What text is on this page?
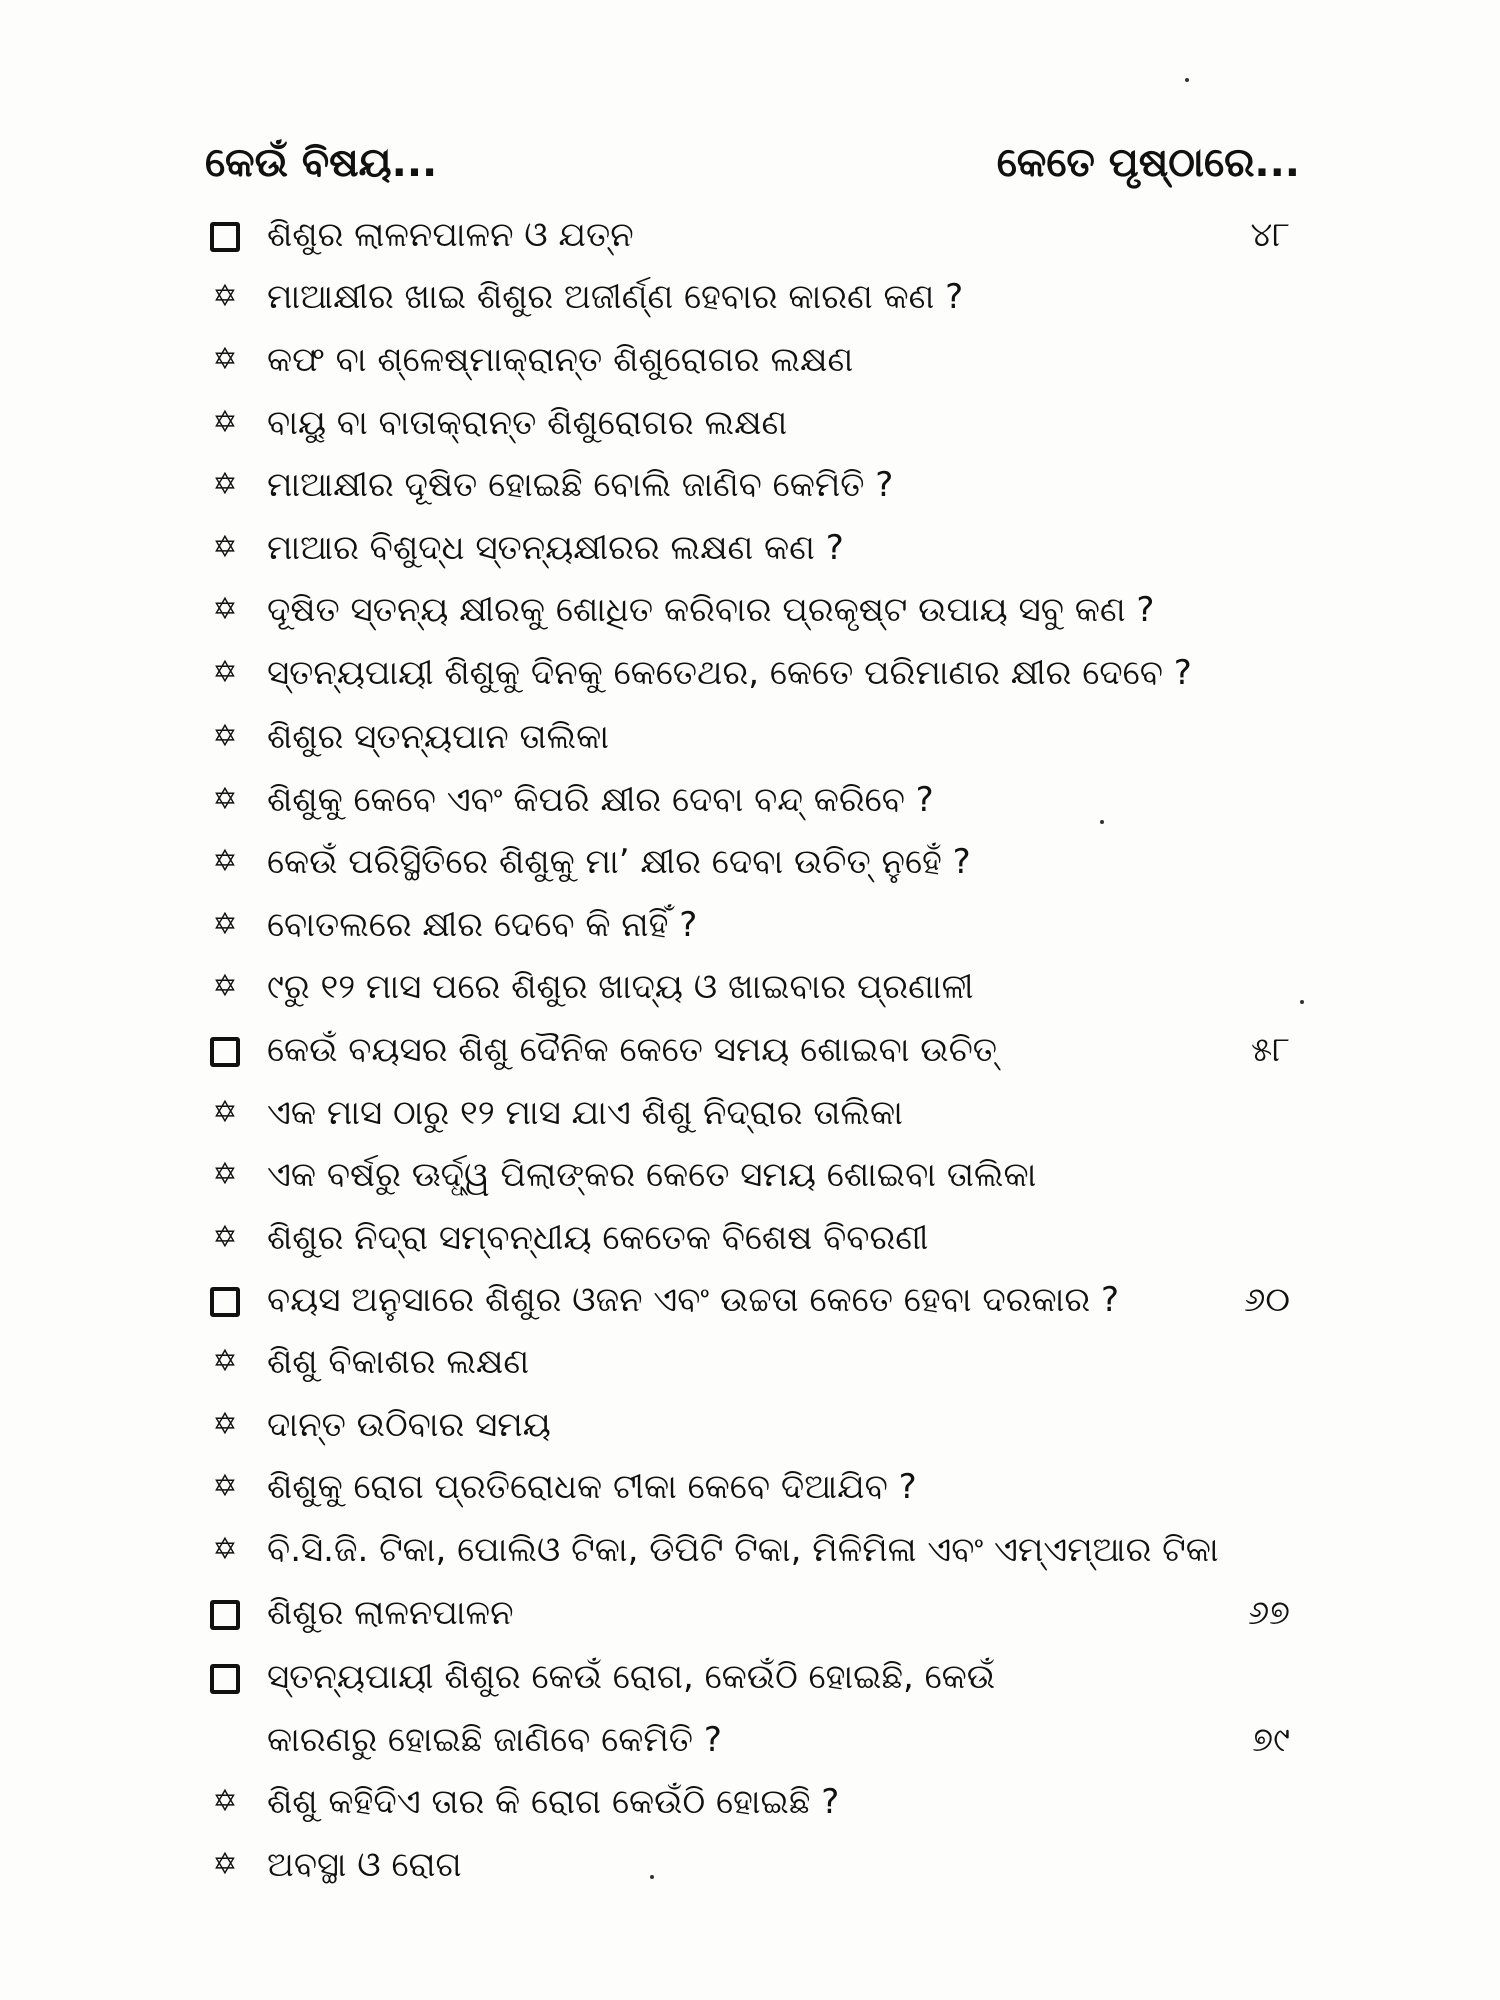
କେଉଁ ବିଷୟ...	କେତେ ପୃଷ୍ଠାରେ...
ଶିଶୁର ଲାଳନପାଳନ ଓ ଯତ୍ନ	୪୮
✡ ମାଆକ୍ଷୀର ଖାଇ ଶିଶୁର ଅଜୀର୍ଣ୍ଣ ହେବାର କାରଣ କଣ ?
✡ କଫ ବା ଶ୍ଳେଷ୍ମାକ୍ରାନ୍ତ ଶିଶୁରୋଗର ଲକ୍ଷଣ
✡ ବାୟୁ ବା ବାତାକ୍ରାନ୍ତ ଶିଶୁରୋଗର ଲକ୍ଷଣ
✡ ମାଆକ୍ଷୀର ଦୂଷିତ ହୋଇଛି ବୋଲି ଜାଣିବ କେମିତି ?
✡ ମାଆର ବିଶୁଦ୍ଧ ସ୍ତନ୍ୟକ୍ଷୀରର ଲକ୍ଷଣ କଣ ?
✡ ଦୂଷିତ ସ୍ତନ୍ୟ କ୍ଷୀରକୁ ଶୋଧିତ କରିବାର ପ୍ରକୃଷ୍ଟ ଉପାୟ ସବୁ କଣ ?
✡ ସ୍ତନ୍ୟପାୟୀ ଶିଶୁକୁ ଦିନକୁ କେତେଥର, କେତେ ପରିମାଣର କ୍ଷୀର ଦେବେ ?
✡ ଶିଶୁର ସ୍ତନ୍ୟପାନ ତାଲିକା
✡ ଶିଶୁକୁ କେବେ ଏବଂ କିପରି କ୍ଷୀର ଦେବା ବନ୍ଦ୍ କରିବେ ?
✡ କେଉଁ ପରିସ୍ଥିତିରେ ଶିଶୁକୁ ମା’ କ୍ଷୀର ଦେବା ଉଚିତ୍ ନୁହେଁ ?
✡ ବୋତଲରେ କ୍ଷୀର ଦେବେ କି ନାହିଁ ?
✡ ୯ରୁ ୧୨ ମାସ ପରେ ଶିଶୁର ଖାଦ୍ୟ ଓ ଖାଇବାର ପ୍ରଣାଳୀ
କେଉଁ ବୟସର ଶିଶୁ ଦୈନିକ କେତେ ସମୟ ଶୋଇବା ଉଚିତ୍	୫୮
✡ ଏକ ମାସ ଠାରୁ ୧୨ ମାସ ଯାଏ ଶିଶୁ ନିଦ୍ରାର ତାଲିକା
✡ ଏକ ବର୍ଷରୁ ଊର୍ଦ୍ଧ୍ୱ ପିଲାଙ୍କର କେତେ ସମୟ ଶୋଇବା ତାଲିକା
✡ ଶିଶୁର ନିଦ୍ରା ସମ୍ବନ୍ଧୀୟ କେତେକ ବିଶେଷ ବିବରଣୀ
ବୟସ ଅନୁସାରେ ଶିଶୁର ଓଜନ ଏବଂ ଉଚ୍ଚତା କେତେ ହେବା ଦରକାର ?	୬୦
✡ ଶିଶୁ ବିକାଶର ଲକ୍ଷଣ
✡ ଦାନ୍ତ ଉଠିବାର ସମୟ
✡ ଶିଶୁକୁ ରୋଗ ପ୍ରତିରୋଧକ ଟୀକା କେବେ ଦିଆଯିବ ?
✡ ବି.ସି.ଜି. ଟିକା, ପୋଲିଓ ଟିକା, ଡିପିଟି ଟିକା, ମିଳିମିଳା ଏବଂ ଏମ୍ଏମ୍ଆର ଟିକା
ଶିଶୁର ଲାଳନପାଳନ	୬୭
ସ୍ତନ୍ୟପାୟୀ ଶିଶୁର କେଉଁ ରୋଗ, କେଉଁଠି ହୋଇଛି, କେଉଁ
କାରଣରୁ ହୋଇଛି ଜାଣିବେ କେମିତି ?	୭୯
✡ ଶିଶୁ କହିଦିଏ ତାର କି ରୋଗ କେଉଁଠି ହୋଇଛି ?
✡ ଅବସ୍ଥା ଓ ରୋଗ
